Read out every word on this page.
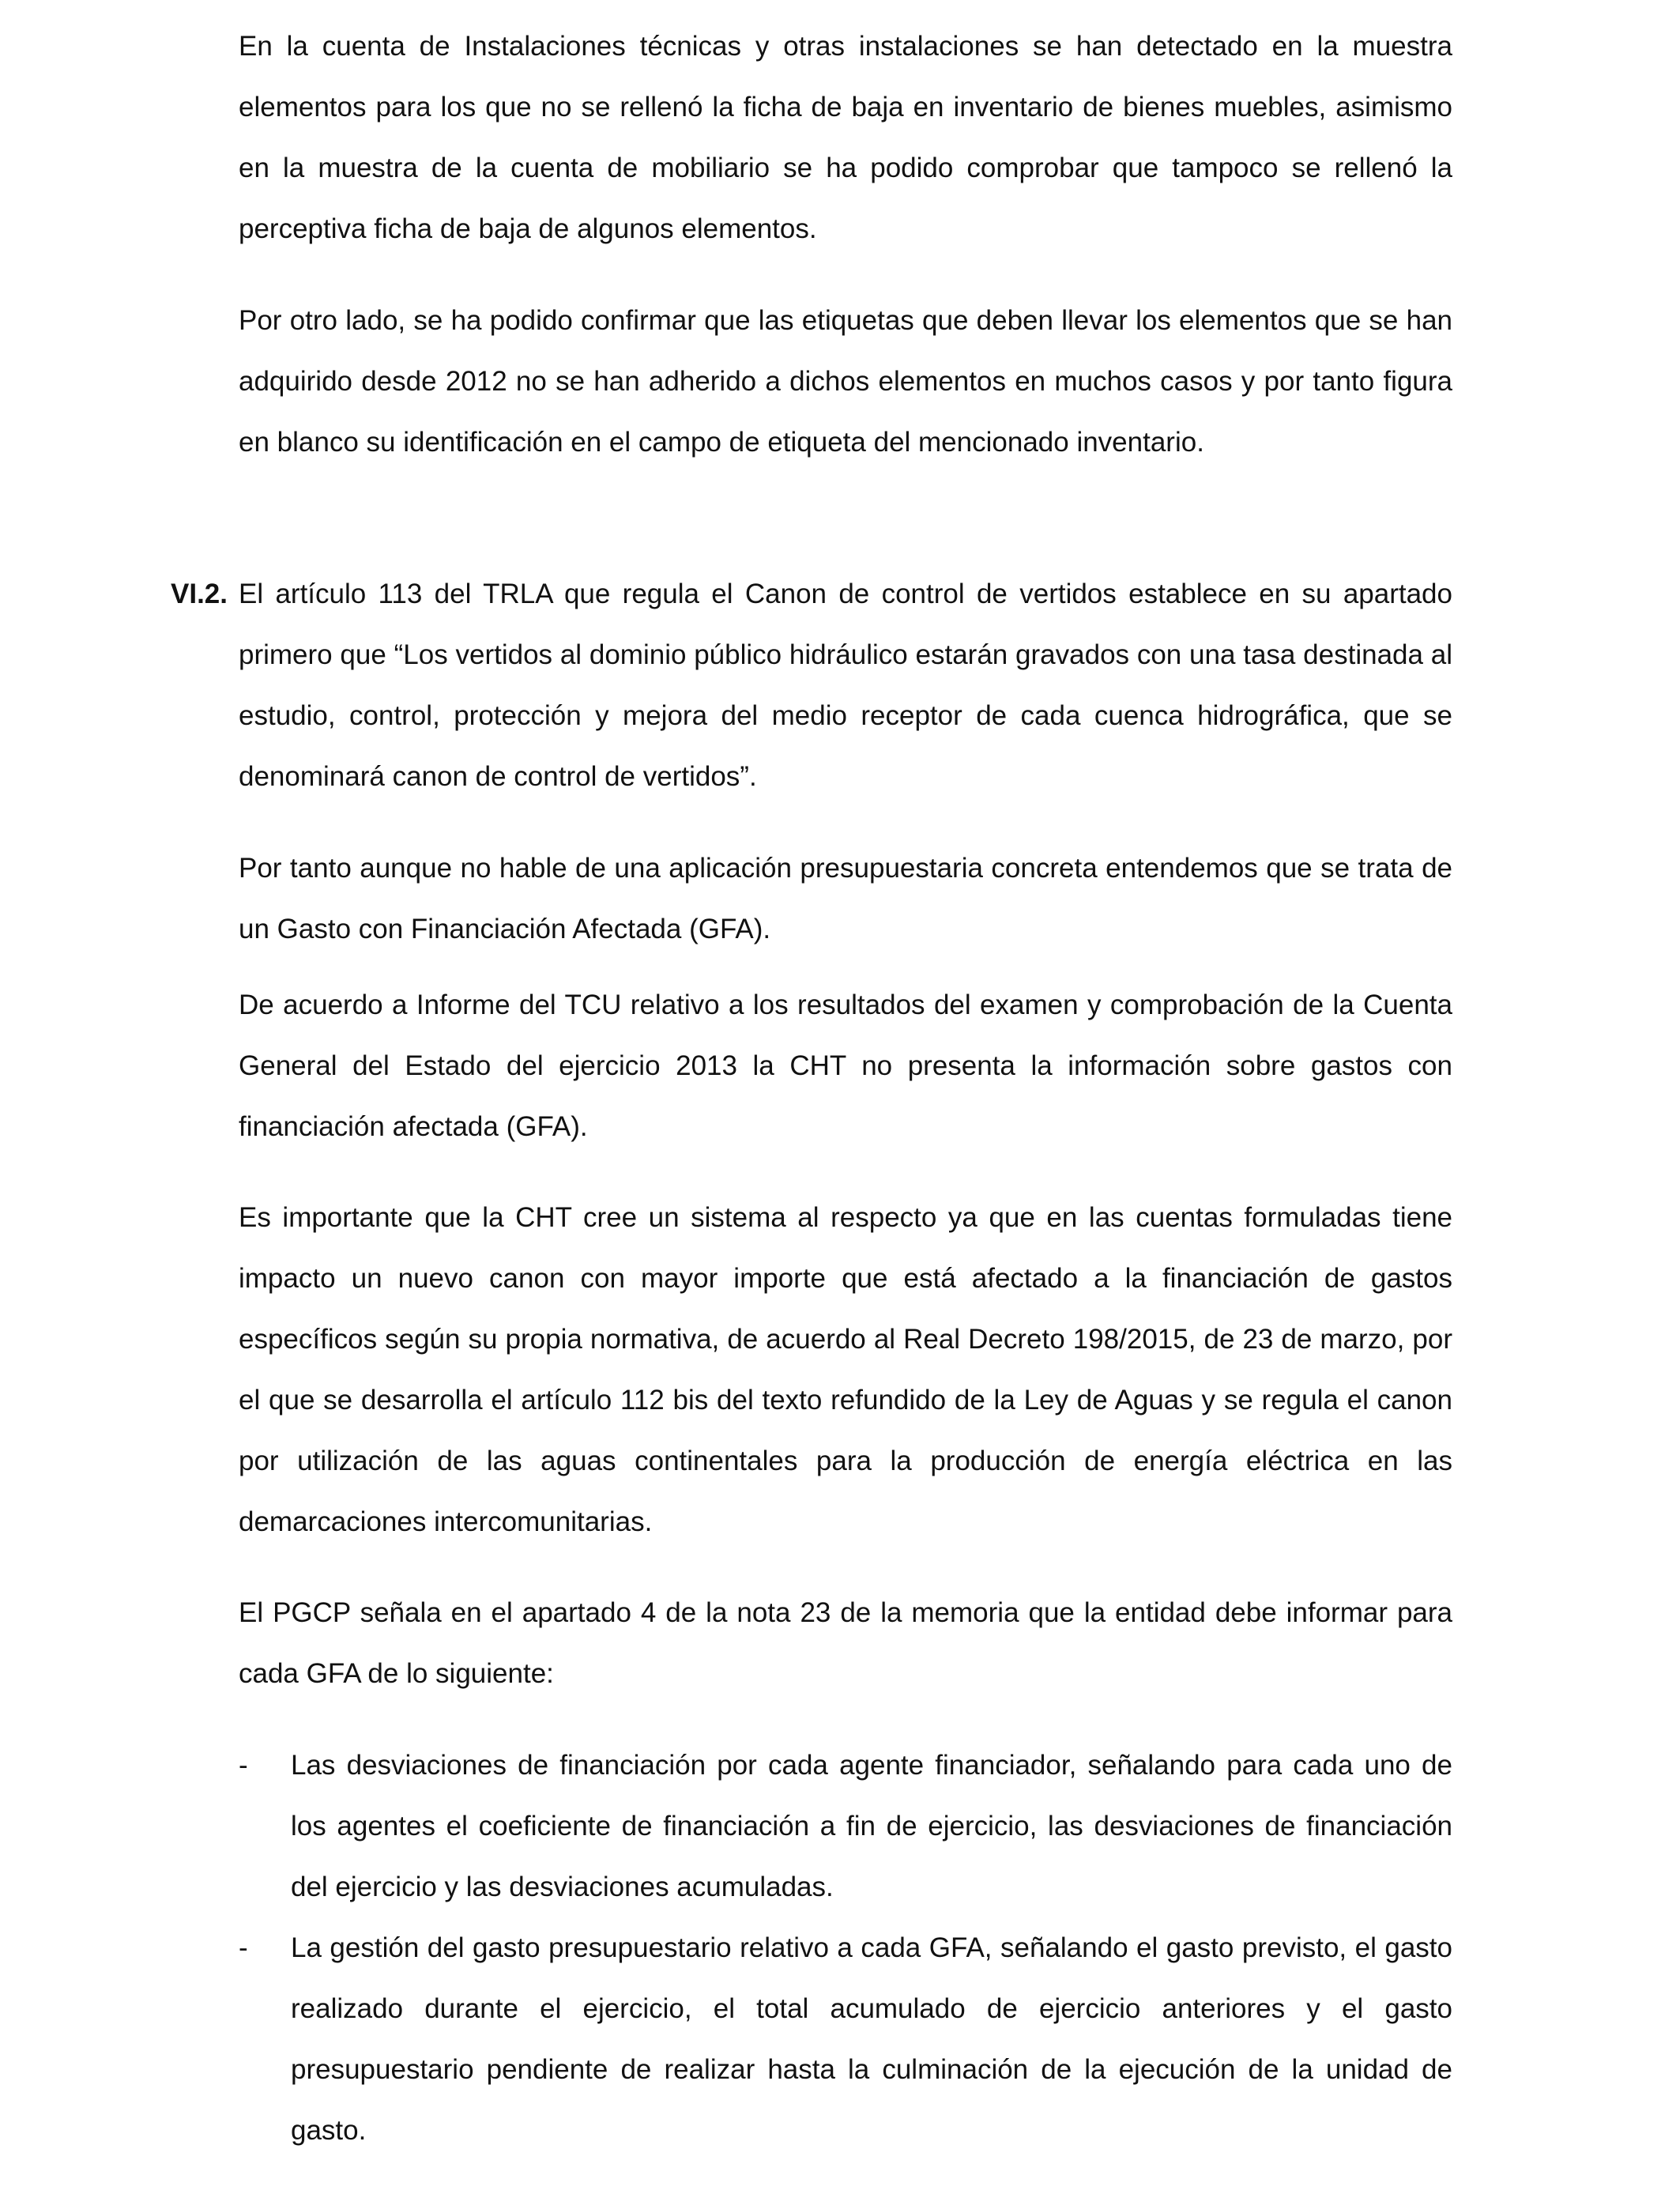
En la cuenta de Instalaciones técnicas y otras instalaciones se han detectado en la muestra elementos para los que no se rellenó la ficha de baja en inventario de bienes muebles, asimismo en la muestra de la cuenta de mobiliario se ha podido comprobar que tampoco se rellenó la perceptiva ficha de baja de algunos elementos.

Por otro lado, se ha podido confirmar que las etiquetas que deben llevar los elementos que se han adquirido desde 2012 no se han adherido a dichos elementos en muchos casos y por tanto figura en blanco su identificación en el campo de etiqueta del mencionado inventario.

VI.2. El artículo 113 del TRLA que regula el Canon de control de vertidos establece en su apartado primero que “Los vertidos al dominio público hidráulico estarán gravados con una tasa destinada al estudio, control, protección y mejora del medio receptor de cada cuenca hidrográfica, que se denominará canon de control de vertidos”.

Por tanto aunque no hable de una aplicación presupuestaria concreta entendemos que se trata de un Gasto con Financiación Afectada (GFA).

De acuerdo a Informe del TCU relativo a los resultados del examen y comprobación de la Cuenta General del Estado del ejercicio 2013 la CHT no presenta la información sobre gastos con financiación afectada (GFA).

Es importante que la CHT cree un sistema al respecto ya que en las cuentas formuladas tiene impacto un nuevo canon con mayor importe que está afectado a la financiación de gastos específicos según su propia normativa, de acuerdo al Real Decreto 198/2015, de 23 de marzo, por el que se desarrolla el artículo 112 bis del texto refundido de la Ley de Aguas y se regula el canon por utilización de las aguas continentales para la producción de energía eléctrica en las demarcaciones intercomunitarias.

El PGCP señala en el apartado 4 de la nota 23 de la memoria que la entidad debe informar para cada GFA de lo siguiente:

-	Las desviaciones de financiación por cada agente financiador, señalando para cada uno de los agentes el coeficiente de financiación a fin de ejercicio, las desviaciones de financiación del ejercicio y las desviaciones acumuladas.
-	La gestión del gasto presupuestario relativo a cada GFA, señalando el gasto previsto, el gasto realizado durante el ejercicio, el total acumulado de ejercicio anteriores y el gasto presupuestario pendiente de realizar hasta la culminación de la ejecución de la unidad de gasto.
